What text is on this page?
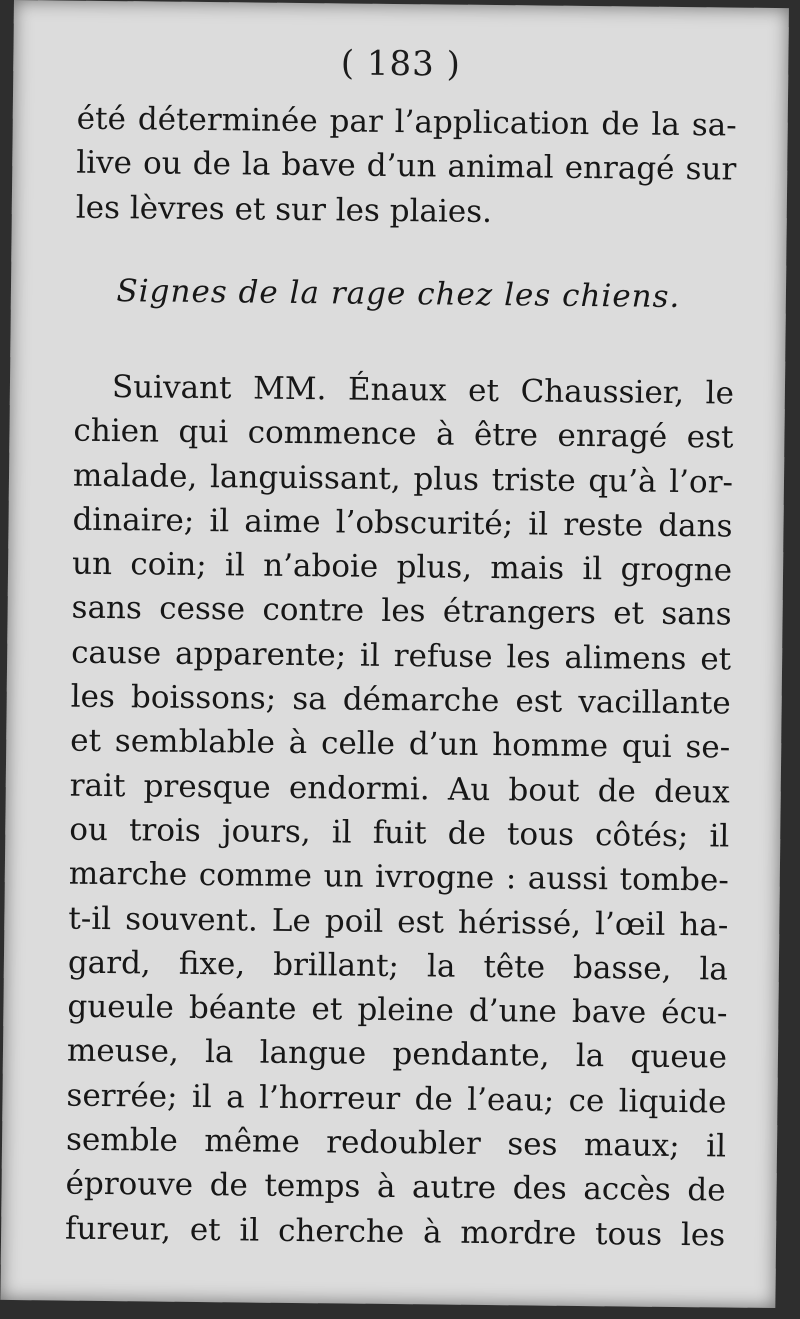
( 183 )
été déterminée par l’application de la sa-
live ou de la bave d’un animal enragé sur
les lèvres et sur les plaies.
Signes de la rage chez les chiens.
Suivant MM. Énaux et Chaussier, le
chien qui commence à être enragé est
malade, languissant, plus triste qu’à l’or-
dinaire; il aime l’obscurité; il reste dans
un coin; il n’aboie plus, mais il grogne
sans cesse contre les étrangers et sans
cause apparente; il refuse les alimens et
les boissons; sa démarche est vacillante
et semblable à celle d’un homme qui se-
rait presque endormi. Au bout de deux
ou trois jours, il fuit de tous côtés; il
marche comme un ivrogne : aussi tombe-
t-il souvent. Le poil est hérissé, l’œil ha-
gard, fixe, brillant; la tête basse, la
gueule béante et pleine d’une bave écu-
meuse, la langue pendante, la queue
serrée; il a l’horreur de l’eau; ce liquide
semble même redoubler ses maux; il
éprouve de temps à autre des accès de
fureur, et il cherche à mordre tous les
